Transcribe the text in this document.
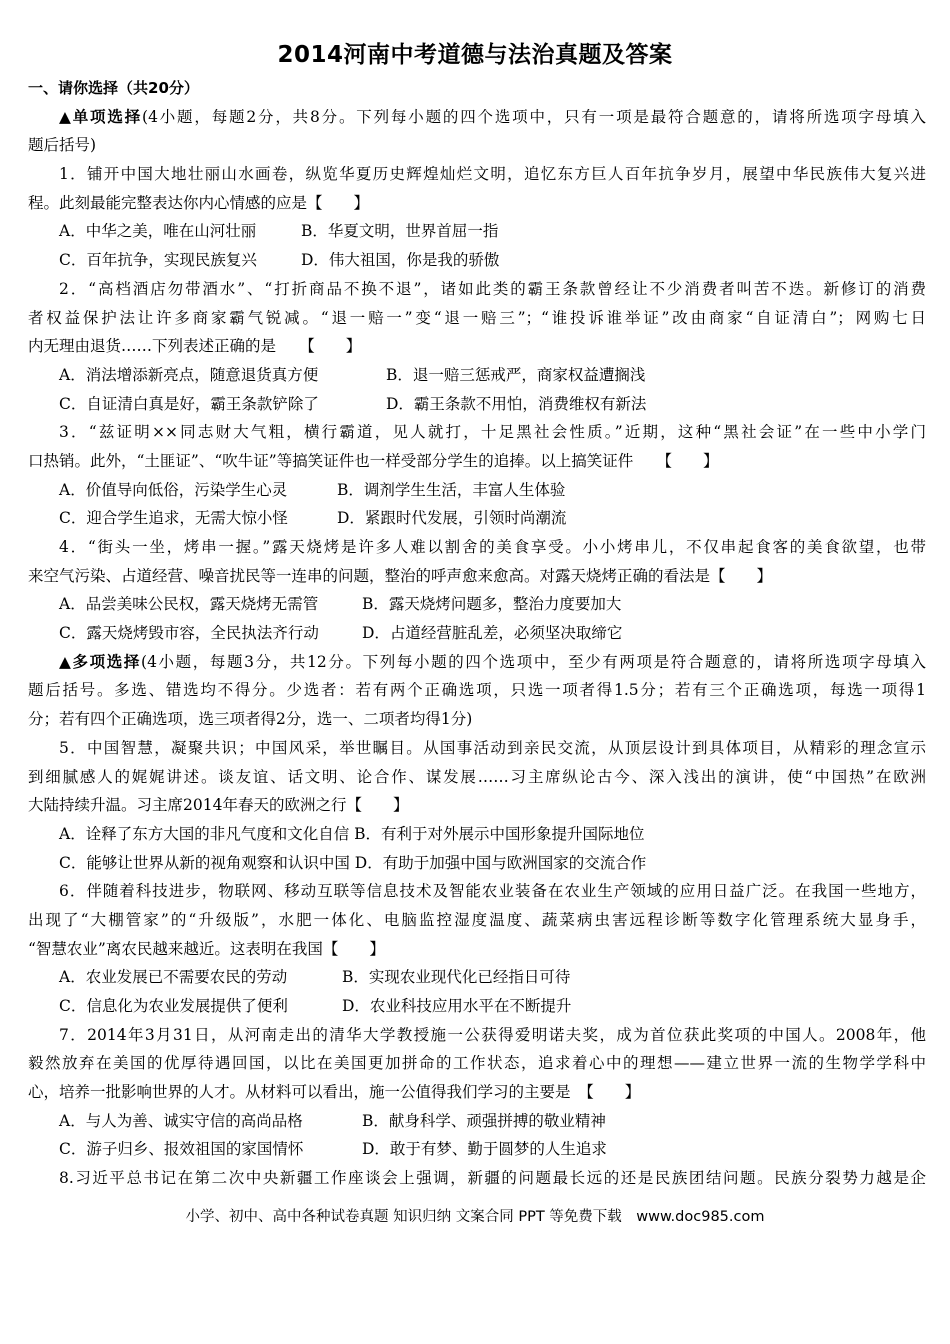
2014河南中考道德与法治真题及答案
一、请你选择（共20分）
▲单项选择(4小题，每题2分，共8分。下列每小题的四个选项中，只有一项是最符合题意的，请将所选项字母填入
题后括号)
1．铺开中国大地壮丽山水画卷，纵览华夏历史辉煌灿烂文明，追忆东方巨人百年抗争岁月，展望中华民族伟大复兴进
程。此刻最能完整表达你内心情感的应是【　　】
A．中华之美，唯在山河壮丽	B．华夏文明，世界首屈一指
C．百年抗争，实现民族复兴	D．伟大祖国，你是我的骄傲
2．“高档酒店勿带酒水”、“打折商品不换不退”，诸如此类的霸王条款曾经让不少消费者叫苦不迭。新修订的消费
者权益保护法让许多商家霸气锐减。“退一赔一”变“退一赔三”；“谁投诉谁举证”改由商家“自证清白”；网购七日
内无理由退货……下列表述正确的是　　【　　】
A．消法增添新亮点，随意退货真方便	B．退一赔三惩戒严，商家权益遭搁浅
C．自证清白真是好，霸王条款铲除了	D．霸王条款不用怕，消费维权有新法
3．“兹证明××同志财大气粗，横行霸道，见人就打，十足黑社会性质。”近期，这种“黑社会证”在一些中小学门
口热销。此外，“土匪证”、“吹牛证”等搞笑证件也一样受部分学生的追捧。以上搞笑证件　　【　　】
A．价值导向低俗，污染学生心灵	B．调剂学生生活，丰富人生体验
C．迎合学生追求，无需大惊小怪	D．紧跟时代发展，引领时尚潮流
4．“街头一坐，烤串一握。”露天烧烤是许多人难以割舍的美食享受。小小烤串儿，不仅串起食客的美食欲望，也带
来空气污染、占道经营、噪音扰民等一连串的问题，整治的呼声愈来愈高。对露天烧烤正确的看法是【　　】
A．品尝美味公民权，露天烧烤无需管	B．露天烧烤问题多，整治力度要加大
C．露天烧烤毁市容，全民执法齐行动	D．占道经营脏乱差，必须坚决取缔它
▲多项选择(4小题，每题3分，共12分。下列每小题的四个选项中，至少有两项是符合题意的，请将所选项字母填入
题后括号。多选、错选均不得分。少选者：若有两个正确选项，只选一项者得1.5分；若有三个正确选项，每选一项得1
分；若有四个正确选项，选三项者得2分，选一、二项者均得1分)
5．中国智慧，凝聚共识；中国风采，举世瞩目。从国事活动到亲民交流，从顶层设计到具体项目，从精彩的理念宣示
到细腻感人的娓娓讲述。谈友谊、话文明、论合作、谋发展……习主席纵论古今、深入浅出的演讲，使“中国热”在欧洲
大陆持续升温。习主席2014年春天的欧洲之行【　　】
A．诠释了东方大国的非凡气度和文化自信 B．有利于对外展示中国形象提升国际地位
C．能够让世界从新的视角观察和认识中国 D．有助于加强中国与欧洲国家的交流合作
6．伴随着科技进步，物联网、移动互联等信息技术及智能农业装备在农业生产领域的应用日益广泛。在我国一些地方，
出现了“大棚管家”的“升级版”，水肥一体化、电脑监控湿度温度、蔬菜病虫害远程诊断等数字化管理系统大显身手，
“智慧农业”离农民越来越近。这表明在我国【　　】
A．农业发展已不需要农民的劳动	B．实现农业现代化已经指日可待
C．信息化为农业发展提供了便利	D．农业科技应用水平在不断提升
7．2014年3月31日，从河南走出的清华大学教授施一公获得爱明诺夫奖，成为首位获此奖项的中国人。2008年，他
毅然放弃在美国的优厚待遇回国，以比在美国更加拼命的工作状态，追求着心中的理想——建立世界一流的生物学学科中
心，培养一批影响世界的人才。从材料可以看出，施一公值得我们学习的主要是　【　　】
A．与人为善、诚实守信的高尚品格	B．献身科学、顽强拼搏的敬业精神
C．游子归乡、报效祖国的家国情怀	D．敢于有梦、勤于圆梦的人生追求
8.习近平总书记在第二次中央新疆工作座谈会上强调，新疆的问题最长远的还是民族团结问题。民族分裂势力越是企
小学、初中、高中各种试卷真题 知识归纳 文案合同 PPT 等免费下载　www.doc985.com
